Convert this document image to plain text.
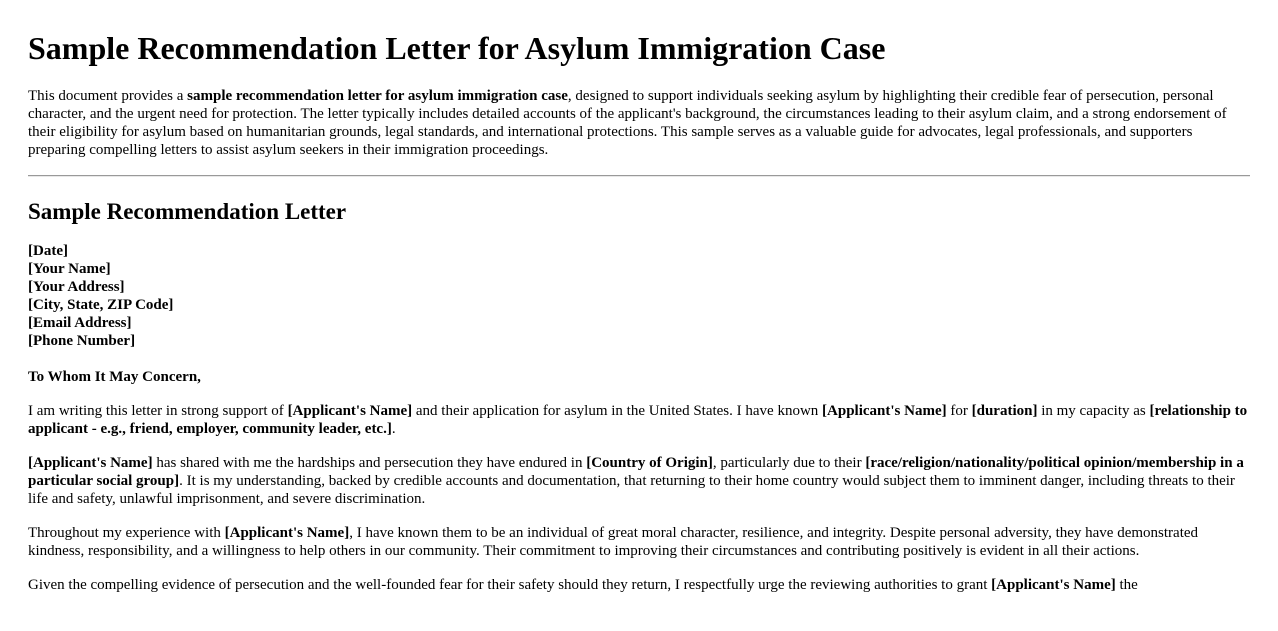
Sample Recommendation Letter for Asylum Immigration Case

This document provides a sample recommendation letter for asylum immigration case, designed to support individuals seeking asylum by highlighting their credible fear of persecution, personal character, and the urgent need for protection. The letter typically includes detailed accounts of the applicant's background, the circumstances leading to their asylum claim, and a strong endorsement of their eligibility for asylum based on humanitarian grounds, legal standards, and international protections. This sample serves as a valuable guide for advocates, legal professionals, and supporters preparing compelling letters to assist asylum seekers in their immigration proceedings.

Sample Recommendation Letter
[Date]
[Your Name]
[Your Address]
[City, State, ZIP Code]
[Email Address]
[Phone Number]

To Whom It May Concern,

I am writing this letter in strong support of [Applicant's Name] and their application for asylum in the United States. I have known [Applicant's Name] for [duration] in my capacity as [relationship to applicant - e.g., friend, employer, community leader, etc.].

[Applicant's Name] has shared with me the hardships and persecution they have endured in [Country of Origin], particularly due to their [race/religion/nationality/political opinion/membership in a particular social group]. It is my understanding, backed by credible accounts and documentation, that returning to their home country would subject them to imminent danger, including threats to their life and safety, unlawful imprisonment, and severe discrimination.

Throughout my experience with [Applicant's Name], I have known them to be an individual of great moral character, resilience, and integrity. Despite personal adversity, they have demonstrated kindness, responsibility, and a willingness to help others in our community. Their commitment to improving their circumstances and contributing positively is evident in all their actions.

Given the compelling evidence of persecution and the well-founded fear for their safety should they return, I respectfully urge the reviewing authorities to grant [Applicant's Name] the
